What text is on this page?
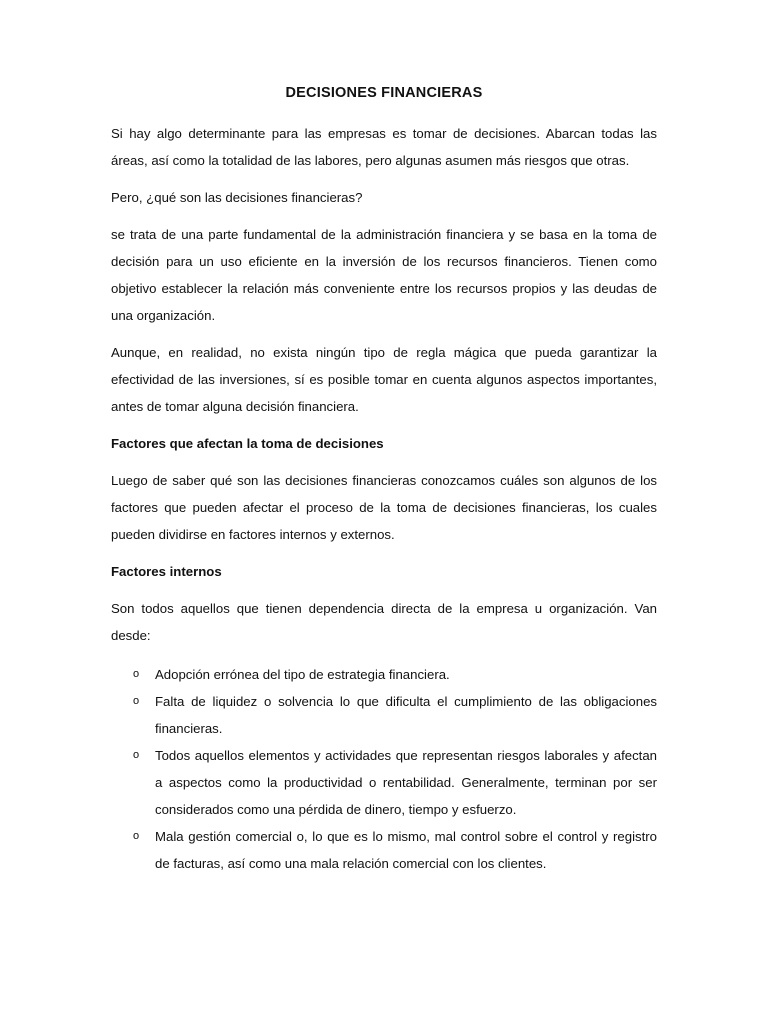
DECISIONES FINANCIERAS

Si hay algo determinante para las empresas es tomar de decisiones. Abarcan todas las áreas, así como la totalidad de las labores, pero algunas asumen más riesgos que otras.

Pero, ¿qué son las decisiones financieras?

se trata de una parte fundamental de la administración financiera y se basa en la toma de decisión para un uso eficiente en la inversión de los recursos financieros. Tienen como objetivo establecer la relación más conveniente entre los recursos propios y las deudas de una organización.

Aunque, en realidad, no exista ningún tipo de regla mágica que pueda garantizar la efectividad de las inversiones, sí es posible tomar en cuenta algunos aspectos importantes, antes de tomar alguna decisión financiera.

Factores que afectan la toma de decisiones

Luego de saber qué son las decisiones financieras conozcamos cuáles son algunos de los factores que pueden afectar el proceso de la toma de decisiones financieras, los cuales pueden dividirse en factores internos y externos.

Factores internos

Son todos aquellos que tienen dependencia directa de la empresa u organización. Van desde:

o Adopción errónea del tipo de estrategia financiera.
o Falta de liquidez o solvencia lo que dificulta el cumplimiento de las obligaciones financieras.
o Todos aquellos elementos y actividades que representan riesgos laborales y afectan a aspectos como la productividad o rentabilidad. Generalmente, terminan por ser considerados como una pérdida de dinero, tiempo y esfuerzo.
o Mala gestión comercial o, lo que es lo mismo, mal control sobre el control y registro de facturas, así como una mala relación comercial con los clientes.
